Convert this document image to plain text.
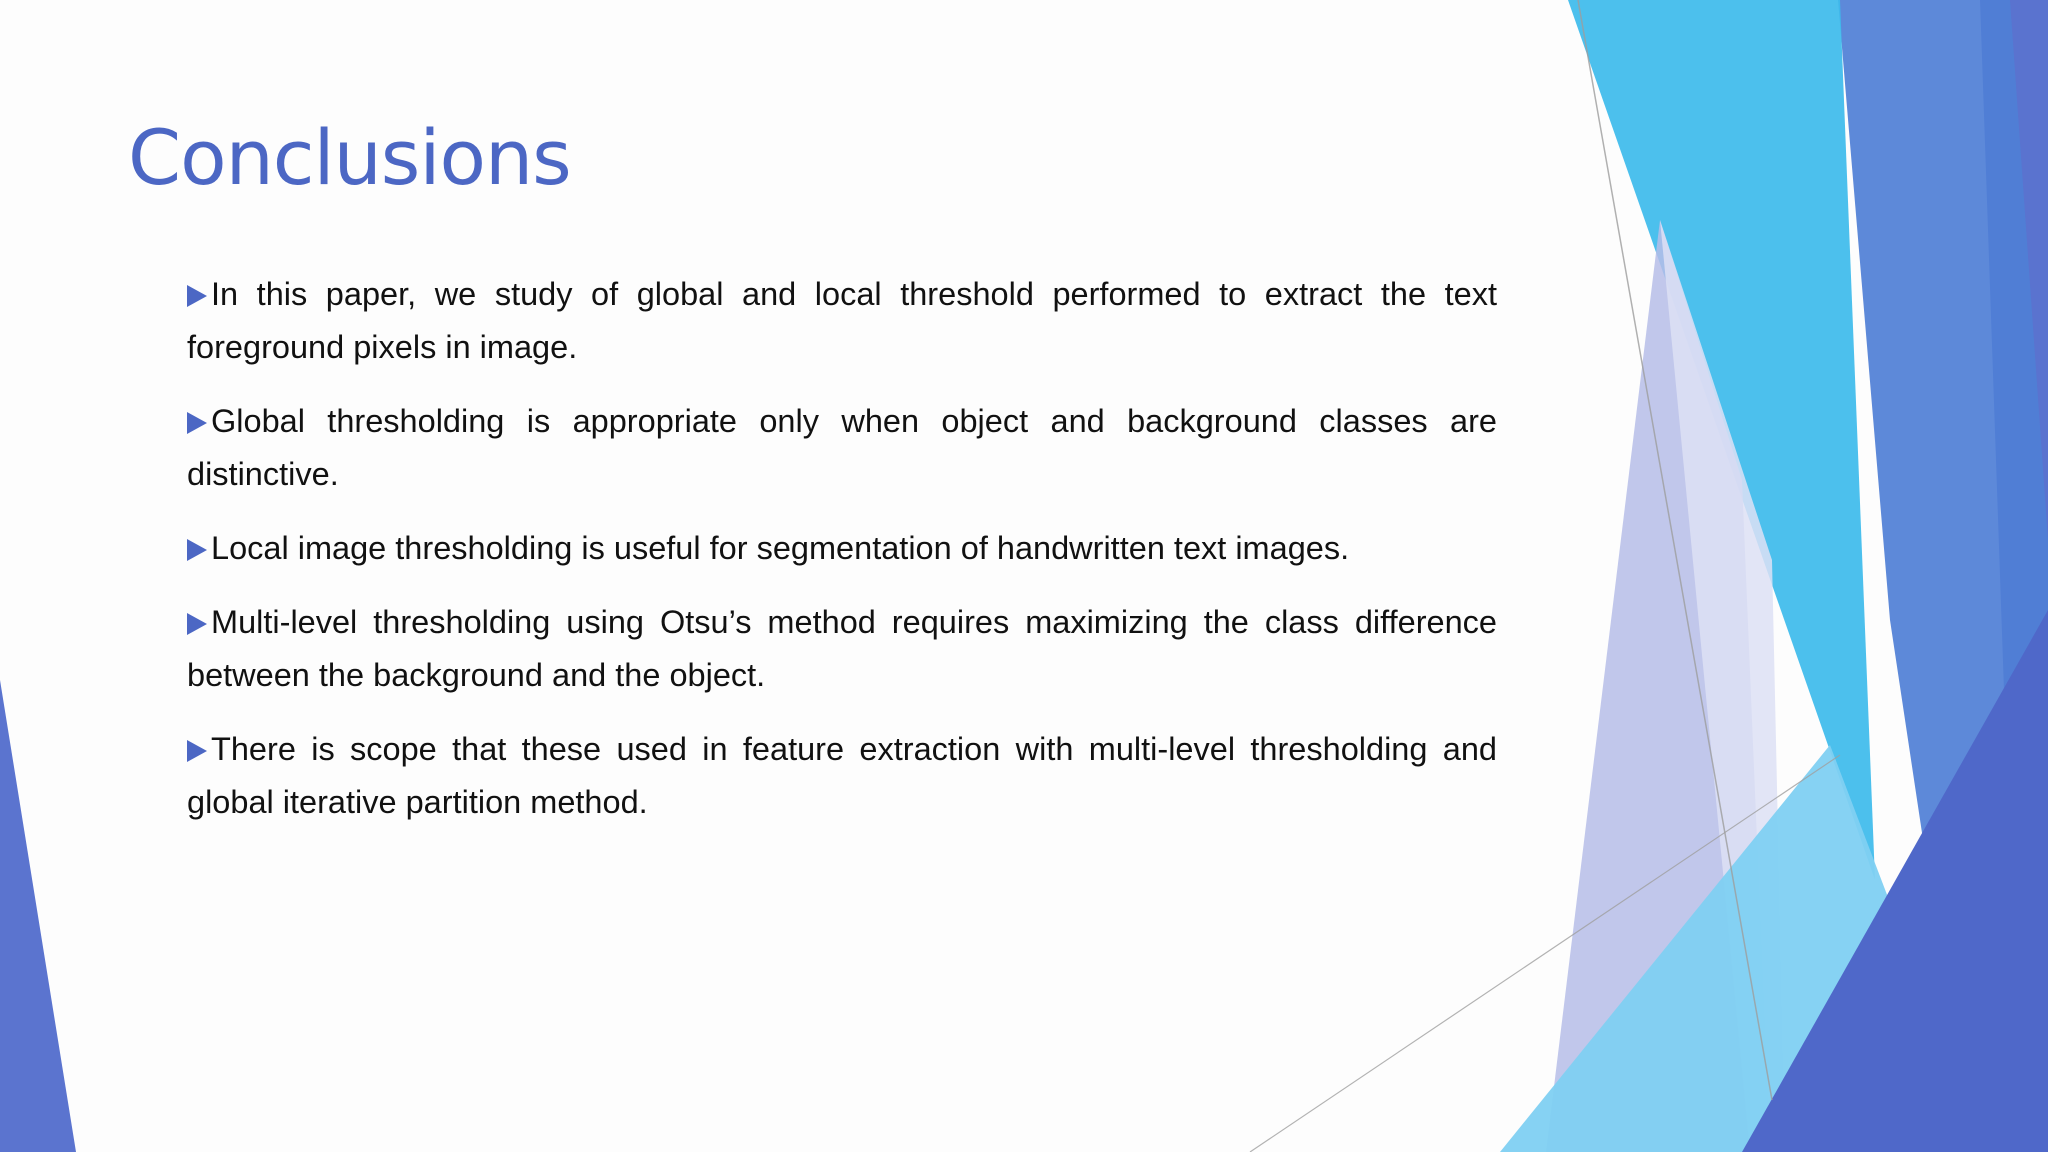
Conclusions
In this paper, we study of global and local threshold performed to extract the text foreground pixels in image.
Global thresholding is appropriate only when object and background classes are distinctive.
Local image thresholding is useful for segmentation of handwritten text images.
Multi-level thresholding using Otsu’s method requires maximizing the class difference between the background and the object.
There is scope that these used in feature extraction with multi-level thresholding and global iterative partition method.
